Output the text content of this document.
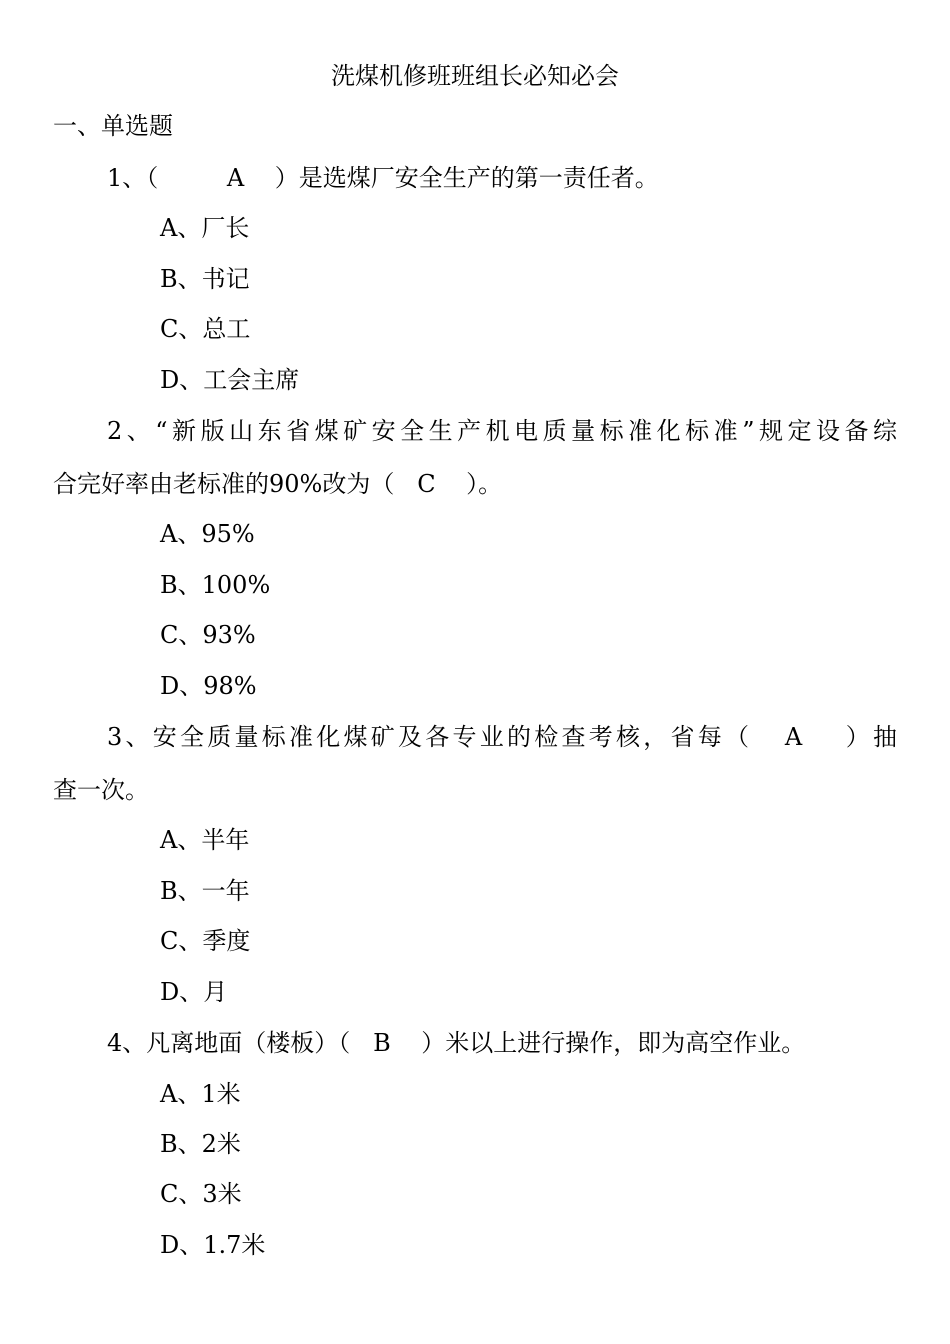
洗煤机修班班组长必知必会
一、单选题
1、（         A    ）是选煤厂安全生产的第一责任者。
A、厂长
B、书记
C、总工
D、工会主席
2、“新版山东省煤矿安全生产机电质量标准化标准”规定设备综
合完好率由老标准的90%改为（   C    ）。
A、95%
B、100%
C、93%
D、98%
3、安全质量标准化煤矿及各专业的检查考核，省每（   A    ）抽
查一次。
A、半年
B、一年
C、季度
D、月
4、凡离地面（楼板）（   B    ）米以上进行操作，即为高空作业。
A、1米
B、2米
C、3米
D、1.7米
